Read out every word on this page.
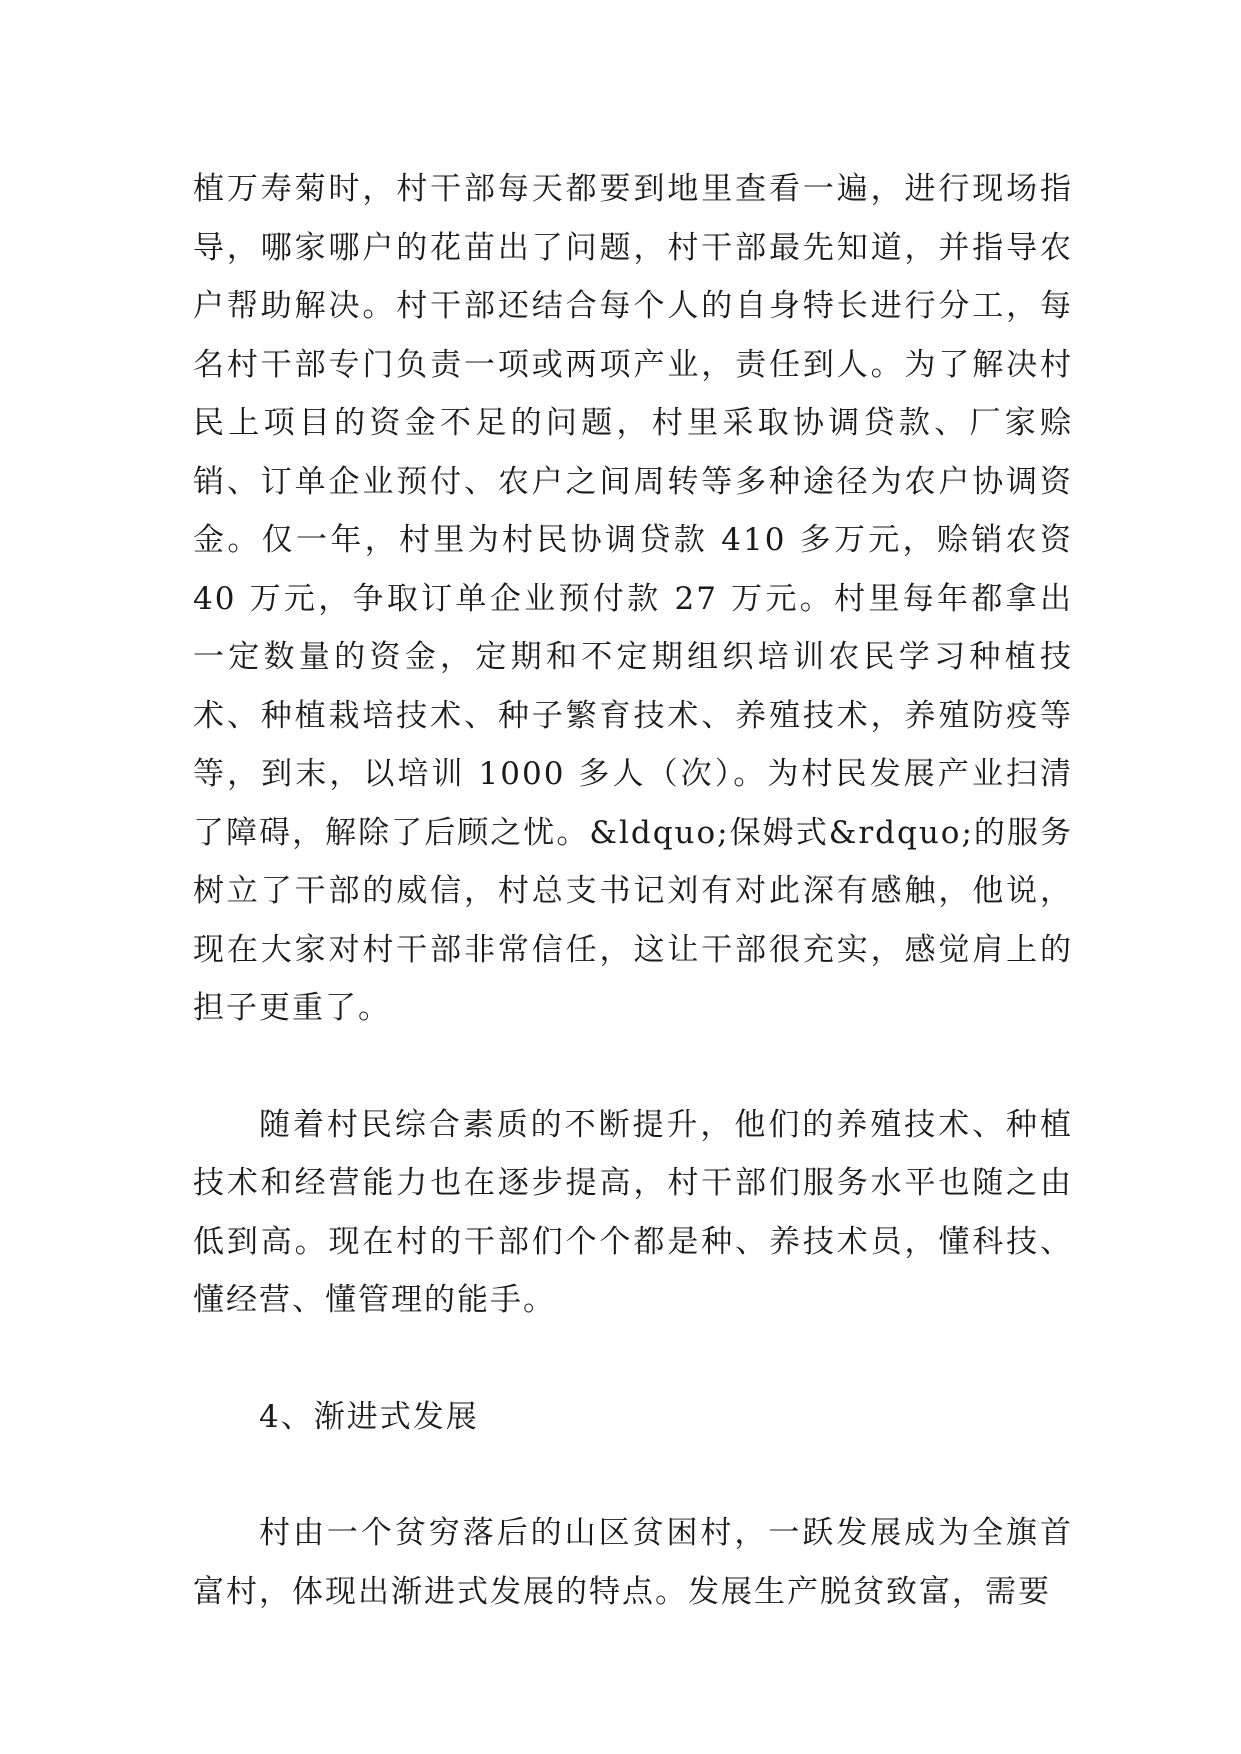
植万寿菊时，村干部每天都要到地里查看一遍，进行现场指导，哪家哪户的花苗出了问题，村干部最先知道，并指导农户帮助解决。村干部还结合每个人的自身特长进行分工，每名村干部专门负责一项或两项产业，责任到人。为了解决村民上项目的资金不足的问题，村里采取协调贷款、厂家赊销、订单企业预付、农户之间周转等多种途径为农户协调资金。仅一年，村里为村民协调贷款 410 多万元，赊销农资 40 万元，争取订单企业预付款 27 万元。村里每年都拿出一定数量的资金，定期和不定期组织培训农民学习种植技术、种植栽培技术、种子繁育技术、养殖技术，养殖防疫等等，到末，以培训 1000 多人（次）。为村民发展产业扫清了障碍，解除了后顾之忧。&ldquo;保姆式&rdquo;的服务树立了干部的威信，村总支书记刘有对此深有感触，他说，现在大家对村干部非常信任，这让干部很充实，感觉肩上的担子更重了。

随着村民综合素质的不断提升，他们的养殖技术、种植技术和经营能力也在逐步提高，村干部们服务水平也随之由低到高。现在村的干部们个个都是种、养技术员，懂科技、懂经营、懂管理的能手。

4、渐进式发展

村由一个贫穷落后的山区贫困村，一跃发展成为全旗首富村，体现出渐进式发展的特点。发展生产脱贫致富，需要
